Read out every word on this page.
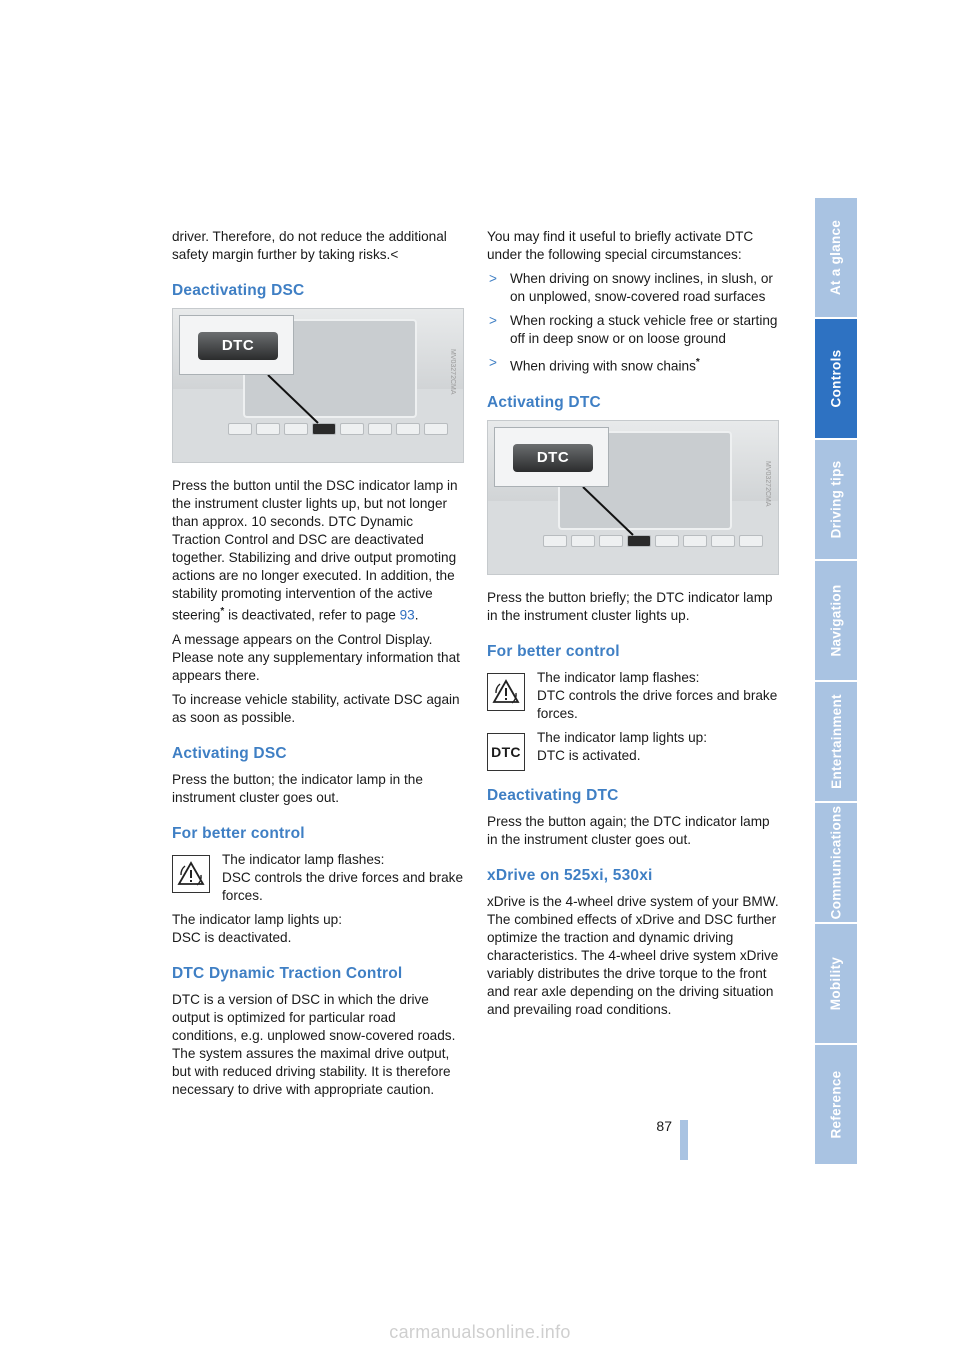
driver. Therefore, do not reduce the additional safety margin further by taking risks.<

Deactivating DSC
DTC
MV03272CMA

Press the button until the DSC indicator lamp in the instrument cluster lights up, but not longer than approx. 10 seconds. DTC Dynamic Traction Control and DSC are deactivated together. Stabilizing and drive output promoting actions are no longer executed. In addition, the stability promoting intervention of the active steering* is deactivated, refer to page 93.

A message appears on the Control Display. Please note any supplementary information that appears there.

To increase vehicle stability, activate DSC again as soon as possible.

Activating DSC

Press the button; the indicator lamp in the instrument cluster goes out.

For better control
The indicator lamp flashes:
DSC controls the drive forces and brake forces.
The indicator lamp lights up:
DSC is deactivated.
DTC Dynamic Traction Control

DTC is a version of DSC in which the drive output is optimized for particular road conditions, e.g. unplowed snow-covered roads. The system assures the maximal drive output, but with reduced driving stability. It is therefore necessary to drive with appropriate caution.

You may find it useful to briefly activate DTC under the following special circumstances:

> When driving on snowy inclines, in slush, or on unplowed, snow-covered road surfaces
> When rocking a stuck vehicle free or starting off in deep snow or on loose ground
> When driving with snow chains*
Activating DTC
DTC
MV03272CMA

Press the button briefly; the DTC indicator lamp in the instrument cluster lights up.

For better control
The indicator lamp flashes:
DTC controls the drive forces and brake forces.
DTC
The indicator lamp lights up:
DTC is activated.
Deactivating DTC

Press the button again; the DTC indicator lamp in the instrument cluster goes out.

xDrive on 525xi, 530xi

xDrive is the 4-wheel drive system of your BMW. The combined effects of xDrive and DSC further optimize the traction and dynamic driving characteristics. The 4-wheel drive system xDrive variably distributes the drive torque to the front and rear axle depending on the driving situation and prevailing road conditions.

At a glance
Controls
Driving tips
Navigation
Entertainment
Communications
Mobility
Reference
87
carmanualsonline.info
